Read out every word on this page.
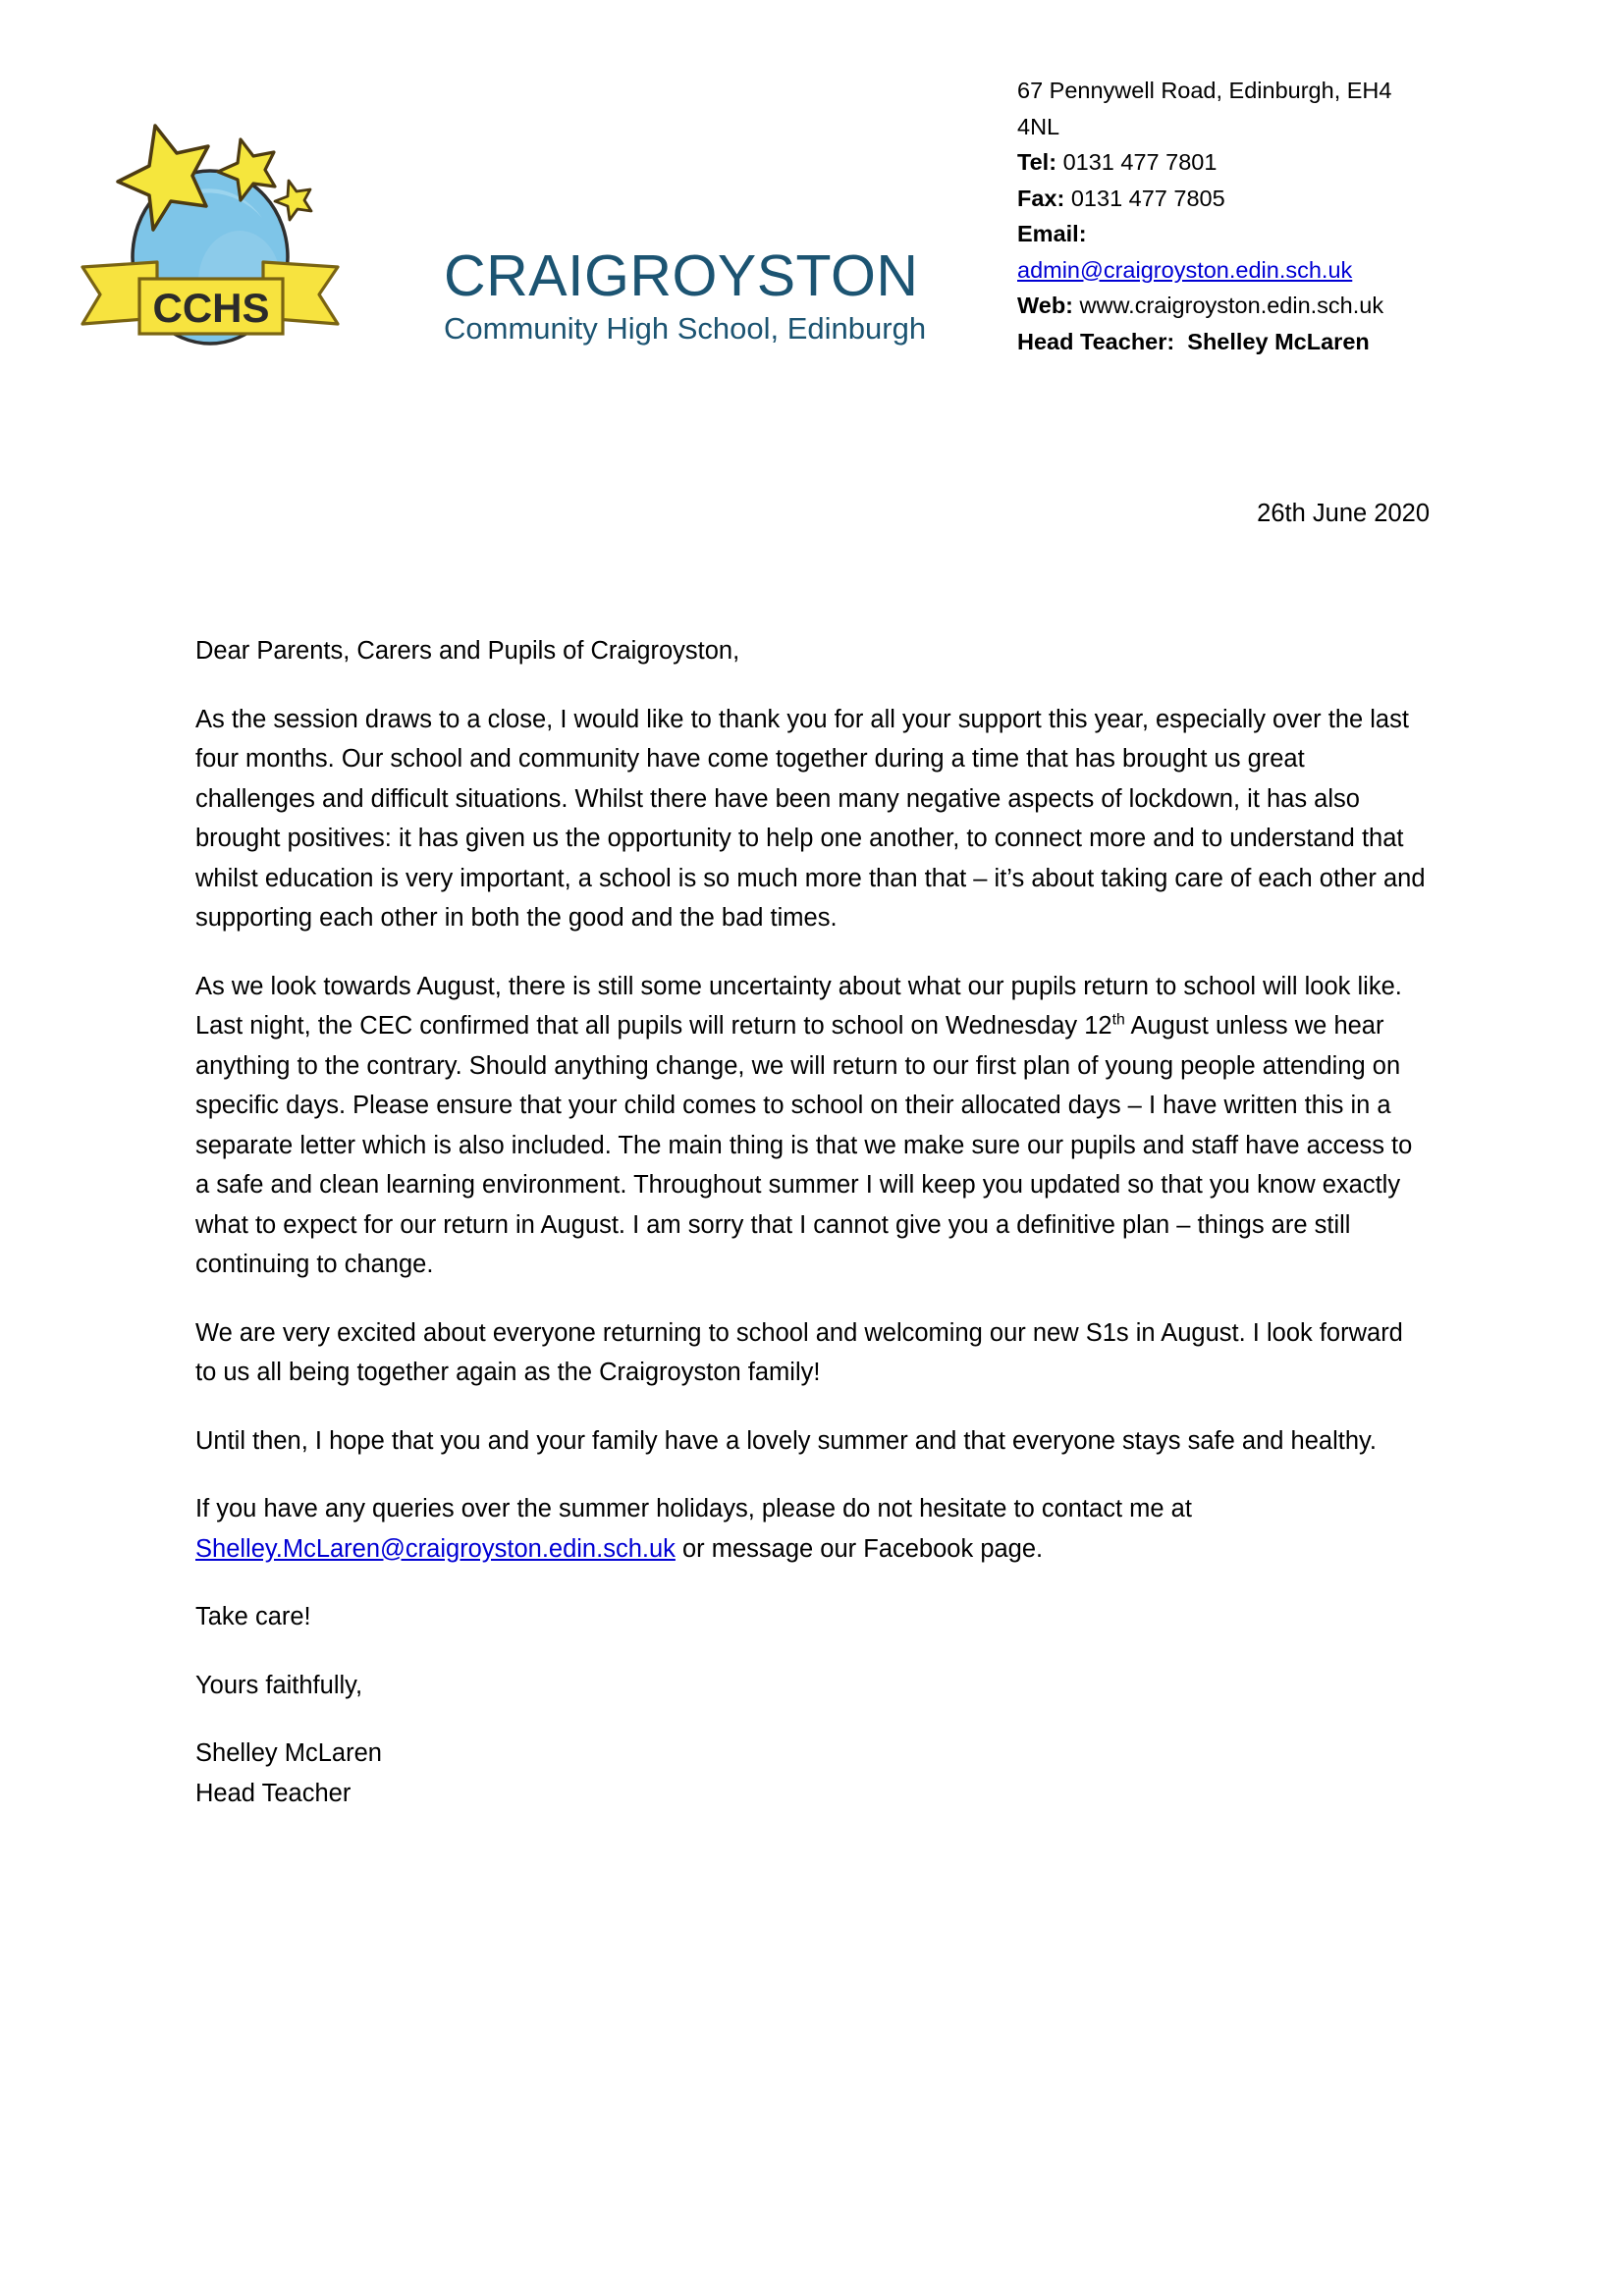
CCHS	CRAIGROYSTON
Community High School, Edinburgh
67 Pennywell Road, Edinburgh, EH4
4NL
Tel: 0131 477 7801
Fax: 0131 477 7805
Email:
admin@craigroyston.edin.sch.uk
Web: www.craigroyston.edin.sch.uk
Head Teacher: Shelley McLaren
26th June 2020

Dear Parents, Carers and Pupils of Craigroyston,

As the session draws to a close, I would like to thank you for all your support this year, especially over the last four months. Our school and community have come together during a time that has brought us great challenges and difficult situations. Whilst there have been many negative aspects of lockdown, it has also brought positives: it has given us the opportunity to help one another, to connect more and to understand that whilst education is very important, a school is so much more than that – it’s about taking care of each other and supporting each other in both the good and the bad times.

As we look towards August, there is still some uncertainty about what our pupils return to school will look like. Last night, the CEC confirmed that all pupils will return to school on Wednesday 12th August unless we hear anything to the contrary. Should anything change, we will return to our first plan of young people attending on specific days. Please ensure that your child comes to school on their allocated days – I have written this in a separate letter which is also included. The main thing is that we make sure our pupils and staff have access to a safe and clean learning environment. Throughout summer I will keep you updated so that you know exactly what to expect for our return in August. I am sorry that I cannot give you a definitive plan – things are still continuing to change.

We are very excited about everyone returning to school and welcoming our new S1s in August. I look forward to us all being together again as the Craigroyston family!

Until then, I hope that you and your family have a lovely summer and that everyone stays safe and healthy.

If you have any queries over the summer holidays, please do not hesitate to contact me at Shelley.McLaren@craigroyston.edin.sch.uk or message our Facebook page.

Take care!

Yours faithfully,

Shelley McLaren
Head Teacher
